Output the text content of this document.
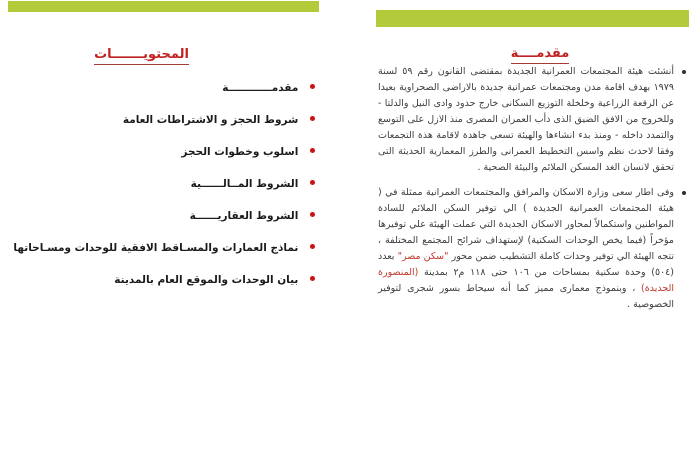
المحتويـــــــات
مقدمــــــــــــة
شروط الحجز و الاشتراطات العامة
اسلوب وخطوات الحجز
الشروط المــالــــــية
الشروط العقاريــــــة
نماذج العمارات والمسـاقط الافقية للوحدات ومسـاحاتها
بيان الوحدات والموقع العام بالمدينة
مقدمــــة

أنشئت هيئة المجتمعات العمرانية الجديدة بمقتضى القانون رقم ٥٩ لسنة ١٩٧٩ بهدف اقامة مدن ومجتمعات عمرانية جديدة بالاراضى الصحراوية بعيدا عن الرقعة الزراعية وخلخلة التوزيع السكانى خارج حدود وادى النيل والدلتا - وللخروج من الافق الضيق الذى دأب العمران المصرى منذ الازل على التوسع والتمدد داخله - ومنذ بدء انشاءها والهيئة تسعى جاهدة لاقامة هذة التجمعات وفقا لاحدث نظم واسس التخطيط العمرانى والطرز المعمارية الحديثة التى تحقق لانسان الغد المسكن الملائم والبيئة الصحية .

وفى اطار سعى وزارة الاسكان والمرافق والمجتمعات العمرانية ممثلة في ( هيئة المجتمعات العمرانية الجديدة ) الي توفير السكن الملائم للسادة المواطنين واستكمالاً لمحاور الاسكان الجديدة التي عملت الهيئة علي توفيرها مؤخراً (فيما يخص الوحدات السكنية) لإستهداف شرائح المجتمع المختلفة ، تتجه الهيئة الي توفير وحدات كاملة التشطيب ضمن محور "سكن مصر" بعدد (٥٠٤) وحدة سكنية بمساحات من ١٠٦ حتى ١١٨ م٢ بمدينة (المنصورة الجديدة) ، وبنموذج معمارى مميز كما أنه سيحاط بسور شجرى لتوفير الخصوصية .
